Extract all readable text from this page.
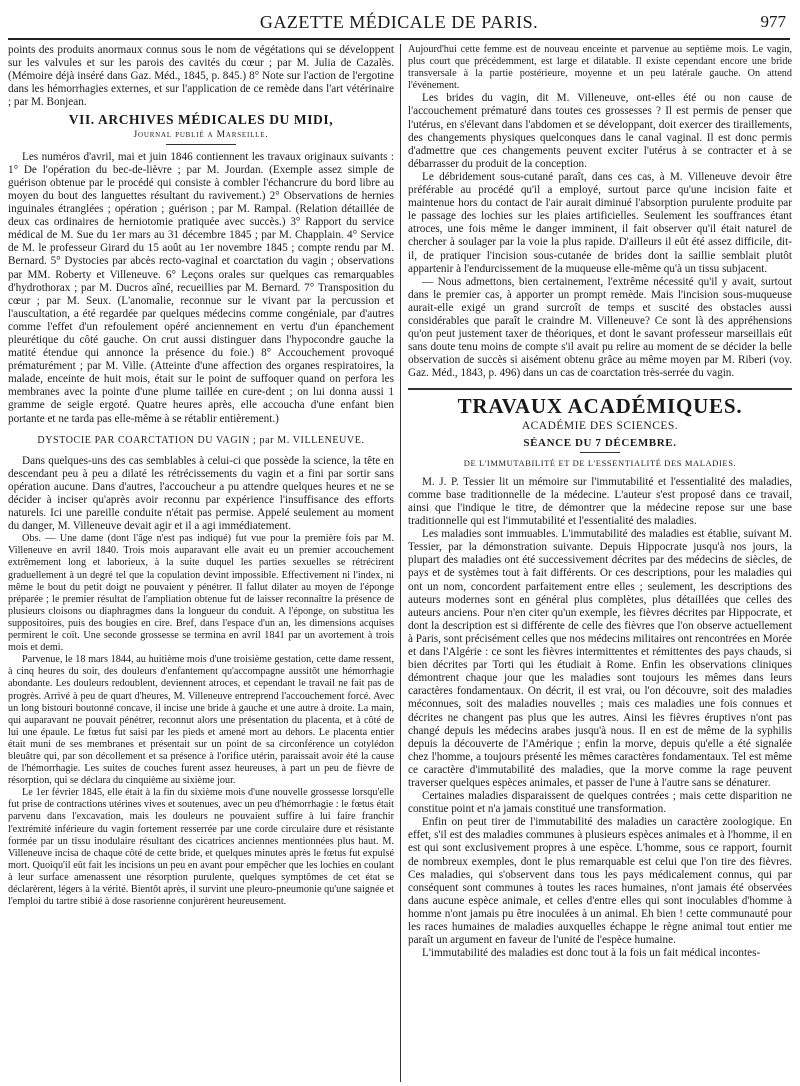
GAZETTE MÉDICALE DE PARIS.	977

points des produits anormaux connus sous le nom de végétations qui se développent sur les valvules et sur les parois des cavités du cœur ; par M. Julia de Cazalès. (Mémoire déjà inséré dans Gaz. Méd., 1845, p. 845.) 8° Note sur l'action de l'ergotine dans les hémorrhagies externes, et sur l'application de ce remède dans l'art vétérinaire ; par M. Bonjean.

VII. ARCHIVES MÉDICALES DU MIDI,
Journal publié a Marseille.

Les numéros d'avril, mai et juin 1846 contiennent les travaux originaux suivants : 1° De l'opération du bec-de-lièvre ; par M. Jourdan. (Exemple assez simple de guérison obtenue par le procédé qui consiste à combler l'échancrure du bord libre au moyen du bout des languettes résultant du ravivement.) 2° Observations de hernies inguinales étranglées ; opération ; guérison ; par M. Rampal. (Relation détaillée de deux cas ordinaires de herniotomie pratiquée avec succès.) 3° Rapport du service médical de M. Sue du 1er mars au 31 décembre 1845 ; par M. Chapplain. 4° Service de M. le professeur Girard du 15 août au 1er novembre 1845 ; compte rendu par M. Bernard. 5° Dystocies par abcès recto-vaginal et coarctation du vagin ; observations par MM. Roberty et Villeneuve. 6° Leçons orales sur quelques cas remarquables d'hydrothorax ; par M. Ducros aîné, recueillies par M. Bernard. 7° Transposition du cœur ; par M. Seux. (L'anomalie, reconnue sur le vivant par la percussion et l'auscultation, a été regardée par quelques médecins comme congéniale, par d'autres comme l'effet d'un refoulement opéré anciennement en vertu d'un épanchement pleurétique du côté gauche. On crut aussi distinguer dans l'hypocondre gauche la matité étendue qui annonce la présence du foie.) 8° Accouchement provoqué prématurément ; par M. Ville. (Atteinte d'une affection des organes respiratoires, la malade, enceinte de huit mois, était sur le point de suffoquer quand on perfora les membranes avec la pointe d'une plume taillée en cure-dent ; on lui donna aussi 1 gramme de seigle ergoté. Quatre heures après, elle accoucha d'une enfant bien portante et ne tarda pas elle-même à se rétablir entièrement.)

DYSTOCIE PAR COARCTATION DU VAGIN ; par M. VILLENEUVE.

Dans quelques-uns des cas semblables à celui-ci que possède la science, la tête en descendant peu à peu a dilaté les rétrécissements du vagin et a fini par sortir sans opération aucune. Dans d'autres, l'accoucheur a pu attendre quelques heures et ne se décider à inciser qu'après avoir reconnu par expérience l'insuffisance des efforts naturels. Ici une pareille conduite n'était pas permise. Appelé seulement au moment du danger, M. Villeneuve devait agir et il a agi immédiatement.

Obs. — Une dame (dont l'âge n'est pas indiqué) fut vue pour la première fois par M. Villeneuve en avril 1840. Trois mois auparavant elle avait eu un premier accouchement extrêmement long et laborieux, à la suite duquel les parties sexuelles se rétrécirent graduellement à un degré tel que la copulation devint impossible. Effectivement ni l'index, ni même le bout du petit doigt ne pouvaient y pénétrer. Il fallut dilater au moyen de l'éponge préparée ; le premier résultat de l'ampliation obtenue fut de laisser reconnaître la présence de plusieurs cloisons ou diaphragmes dans la longueur du conduit. A l'éponge, on substitua les suppositoires, puis des bougies en cire. Bref, dans l'espace d'un an, les dimensions acquises permirent le coït. Une seconde grossesse se termina en avril 1841 par un avortement à trois mois et demi.

Parvenue, le 18 mars 1844, au huitième mois d'une troisième gestation, cette dame ressent, à cinq heures du soir, des douleurs d'enfantement qu'accompagne aussitôt une hémorrhagie abondante. Les douleurs redoublent, deviennent atroces, et cependant le travail ne fait pas de progrès. Arrivé à peu de quart d'heures, M. Villeneuve entreprend l'accouchement forcé. Avec un long bistouri boutonné concave, il incise une bride à gauche et une autre à droite. La main, qui auparavant ne pouvait pénétrer, reconnut alors une présentation du placenta, et à côté de lui une épaule. Le fœtus fut saisi par les pieds et amené mort au dehors. Le placenta entier était muni de ses membranes et présentait sur un point de sa circonférence un cotylédon bleuâtre qui, par son décollement et sa présence à l'orifice utérin, paraissait avoir été la cause de l'hémorrhagie. Les suites de couches furent assez heureuses, à part un peu de fièvre de résorption, qui se déclara du cinquième au sixième jour.

Le 1er février 1845, elle était à la fin du sixième mois d'une nouvelle grossesse lorsqu'elle fut prise de contractions utérines vives et soutenues, avec un peu d'hémorrhagie : le fœtus était parvenu dans l'excavation, mais les douleurs ne pouvaient suffire à lui faire franchir l'extrémité inférieure du vagin fortement resserrée par une corde circulaire dure et résistante formée par un tissu inodulaire résultant des cicatrices anciennes mentionnées plus haut. M. Villeneuve incisa de chaque côté de cette bride, et quelques minutes après le fœtus fut expulsé mort. Quoiqu'il eût fait les incisions un peu en avant pour empêcher que les lochies en coulant à leur surface amenassent une résorption purulente, quelques symptômes de cet état se déclarèrent, légers à la vérité. Bientôt après, il survint une pleuro-pneumonie qu'une saignée et l'emploi du tartre stibié à dose rasorienne conjurèrent heureusement.

Aujourd'hui cette femme est de nouveau enceinte et parvenue au septième mois. Le vagin, plus court que précédemment, est large et dilatable. Il existe cependant encore une bride transversale à la partie postérieure, moyenne et un peu latérale gauche. On attend l'événement.

Les brides du vagin, dit M. Villeneuve, ont-elles été ou non cause de l'accouchement prématuré dans toutes ces grossesses ? Il est permis de penser que l'utérus, en s'élevant dans l'abdomen et se développant, doit exercer des tiraillements, des changements physiques quelconques dans le canal vaginal. Il est donc permis d'admettre que ces changements peuvent exciter l'utérus à se contracter et à se débarrasser du produit de la conception.

Le débridement sous-cutané paraît, dans ces cas, à M. Villeneuve devoir être préférable au procédé qu'il a employé, surtout parce qu'une incision faite et maintenue hors du contact de l'air aurait diminué l'absorption purulente produite par le passage des lochies sur les plaies artificielles. Seulement les souffrances étant atroces, une fois même le danger imminent, il fait observer qu'il était naturel de chercher à soulager par la voie la plus rapide. D'ailleurs il eût été assez difficile, dit-il, de pratiquer l'incision sous-cutanée de brides dont la saillie semblait plutôt appartenir à l'endurcissement de la muqueuse elle-même qu'à un tissu subjacent.

— Nous admettons, bien certainement, l'extrême nécessité qu'il y avait, surtout dans le premier cas, à apporter un prompt remède. Mais l'incision sous-muqueuse aurait-elle exigé un grand surcroît de temps et suscité des obstacles aussi considérables que paraît le craindre M. Villeneuve? Ce sont là des appréhensions qu'on peut justement taxer de théoriques, et dont le savant professeur marseillais eût sans doute tenu moins de compte s'il avait pu relire au moment de se décider la belle observation de succès si aisément obtenu grâce au même moyen par M. Riberi (voy. Gaz. Méd., 1843, p. 496) dans un cas de coarctation très-serrée du vagin.

TRAVAUX ACADÉMIQUES.
ACADÉMIE DES SCIENCES.
SÉANCE DU 7 DÉCEMBRE.
DE L'IMMUTABILITÉ ET DE L'ESSENTIALITÉ DES MALADIES.

M. J. P. Tessier lit un mémoire sur l'immutabilité et l'essentialité des maladies, comme base traditionnelle de la médecine. L'auteur s'est proposé dans ce travail, ainsi que l'indique le titre, de démontrer que la médecine repose sur une base traditionnelle qui est l'immutabilité et l'essentialité des maladies.

Les maladies sont immuables. L'immutabilité des maladies est établie, suivant M. Tessier, par la démonstration suivante. Depuis Hippocrate jusqu'à nos jours, la plupart des maladies ont été successivement décrites par des médecins de siècles, de pays et de systèmes tout à fait différents. Or ces descriptions, pour les maladies qui ont un nom, concordent parfaitement entre elles ; seulement, les descriptions des auteurs modernes sont en général plus complètes, plus détaillées que celles des auteurs anciens. Pour n'en citer qu'un exemple, les fièvres décrites par Hippocrate, et dont la description est si différente de celle des fièvres que l'on observe actuellement à Paris, sont précisément celles que nos médecins militaires ont rencontrées en Morée et dans l'Algérie : ce sont les fièvres intermittentes et rémittentes des pays chauds, si bien décrites par Torti qui les étudiait à Rome. Enfin les observations cliniques démontrent chaque jour que les maladies sont toujours les mêmes dans leurs caractères fondamentaux. On décrit, il est vrai, ou l'on découvre, soit des maladies méconnues, soit des maladies nouvelles ; mais ces maladies une fois connues et décrites ne changent pas plus que les autres. Ainsi les fièvres éruptives n'ont pas changé depuis les médecins arabes jusqu'à nous. Il en est de même de la syphilis depuis la découverte de l'Amérique ; enfin la morve, depuis qu'elle a été signalée chez l'homme, a toujours présenté les mêmes caractères fondamentaux. Tel est même ce caractère d'immutabilité des maladies, que la morve comme la rage peuvent traverser quelques espèces animales, et passer de l'une à l'autre sans se dénaturer.

Certaines maladies disparaissent de quelques contrées ; mais cette disparition ne constitue point et n'a jamais constitué une transformation.

Enfin on peut tirer de l'immutabilité des maladies un caractère zoologique. En effet, s'il est des maladies communes à plusieurs espèces animales et à l'homme, il en est qui sont exclusivement propres à une espèce. L'homme, sous ce rapport, fournit de nombreux exemples, dont le plus remarquable est celui que l'on tire des fièvres. Ces maladies, qui s'observent dans tous les pays médicalement connus, qui par conséquent sont communes à toutes les races humaines, n'ont jamais été observées dans aucune espèce animale, et celles d'entre elles qui sont inoculables d'homme à homme n'ont jamais pu être inoculées à un animal. Eh bien ! cette communauté pour les races humaines de maladies auxquelles échappe le règne animal tout entier me paraît un argument en faveur de l'unité de l'espèce humaine.

L'immutabilité des maladies est donc tout à la fois un fait médical incontes-
